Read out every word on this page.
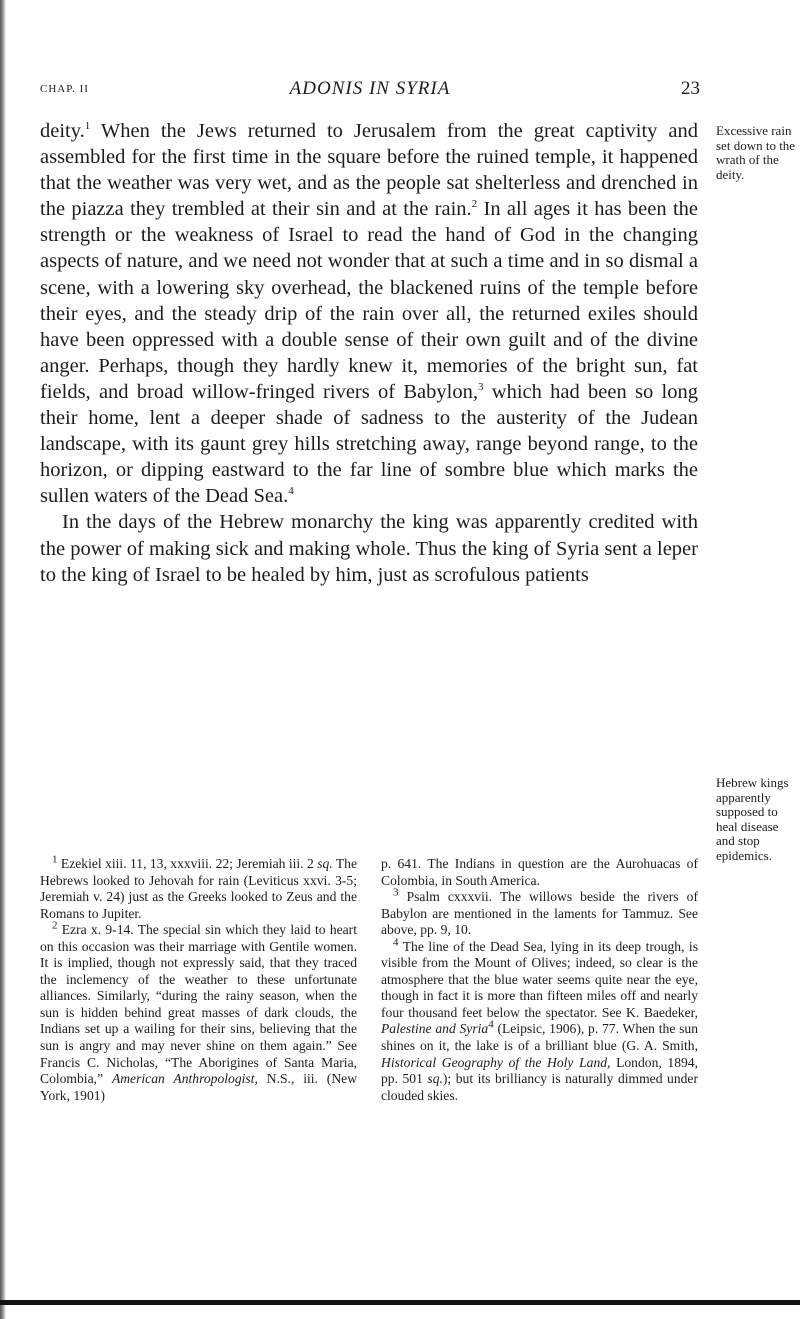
CHAP. II	ADONIS IN SYRIA	23

deity.$^1$ When the Jews returned to Jerusalem from the great captivity and assembled for the first time in the square before the ruined temple, it happened that the weather was very wet, and as the people sat shelterless and drenched in the piazza they trembled at their sin and at the rain.$^2$ In all ages it has been the strength or the weakness of Israel to read the hand of God in the changing aspects of nature, and we need not wonder that at such a time and in so dismal a scene, with a lowering sky overhead, the blackened ruins of the temple before their eyes, and the steady drip of the rain over all, the returned exiles should have been oppressed with a double sense of their own guilt and of the divine anger. Perhaps, though they hardly knew it, memories of the bright sun, fat fields, and broad willow-fringed rivers of Babylon,$^3$ which had been so long their home, lent a deeper shade of sadness to the austerity of the Judean landscape, with its gaunt grey hills stretching away, range beyond range, to the horizon, or dipping eastward to the far line of sombre blue which marks the sullen waters of the Dead Sea.$^4$

In the days of the Hebrew monarchy the king was apparently credited with the power of making sick and making whole. Thus the king of Syria sent a leper to the king of Israel to be healed by him, just as scrofulous patients

Excessive rain set down to the wrath of the deity.
Hebrew kings apparently supposed to heal disease and stop epidemics.

$^1$ Ezekiel xiii. 11, 13, xxxviii. 22; Jeremiah iii. 2 sq. The Hebrews looked to Jehovah for rain (Leviticus xxvi. 3-5; Jeremiah v. 24) just as the Greeks looked to Zeus and the Romans to Jupiter.

$^2$ Ezra x. 9-14. The special sin which they laid to heart on this occasion was their marriage with Gentile women. It is implied, though not expressly said, that they traced the inclemency of the weather to these unfortunate alliances. Similarly, “during the rainy season, when the sun is hidden behind great masses of dark clouds, the Indians set up a wailing for their sins, believing that the sun is angry and may never shine on them again.” See Francis C. Nicholas, “The Aborigines of Santa Maria, Colombia,” American Anthropologist, N.S., iii. (New York, 1901)

p. 641. The Indians in question are the Aurohuacas of Colombia, in South America.

$^3$ Psalm cxxxvii. The willows beside the rivers of Babylon are mentioned in the laments for Tammuz. See above, pp. 9, 10.

$^4$ The line of the Dead Sea, lying in its deep trough, is visible from the Mount of Olives; indeed, so clear is the atmosphere that the blue water seems quite near the eye, though in fact it is more than fifteen miles off and nearly four thousand feet below the spectator. See K. Baedeker, Palestine and Syria$^4$ (Leipsic, 1906), p. 77. When the sun shines on it, the lake is of a brilliant blue (G. A. Smith, Historical Geography of the Holy Land, London, 1894, pp. 501 sq.); but its brilliancy is naturally dimmed under clouded skies.
